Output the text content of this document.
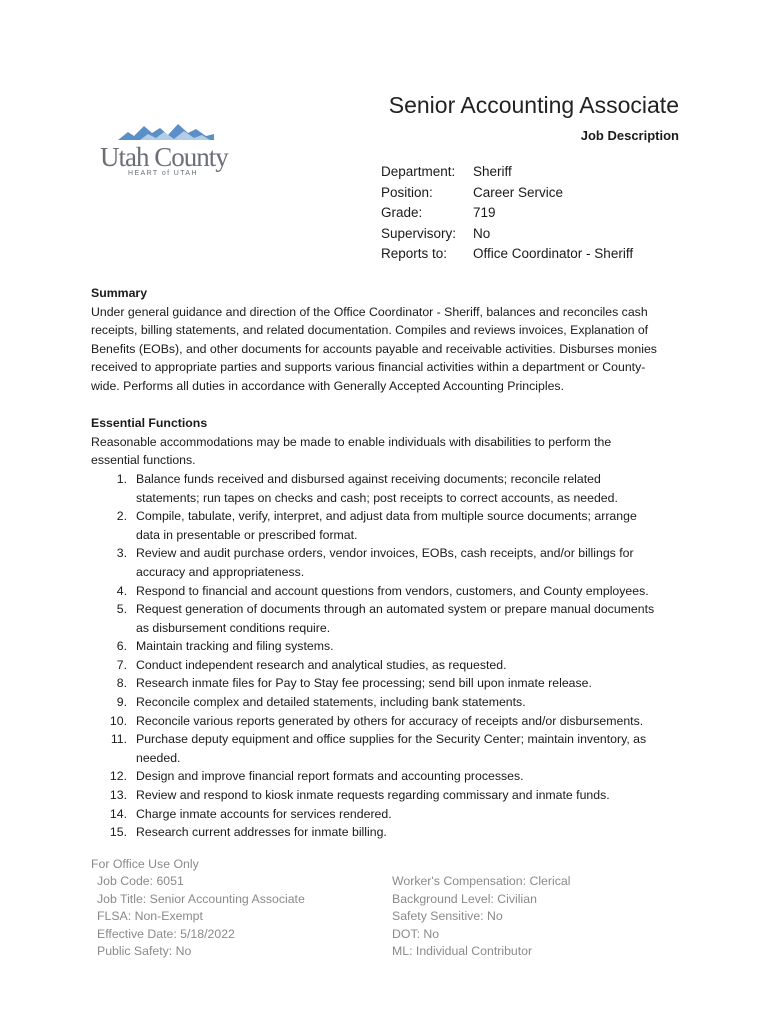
Utah County
HEART of UTAH
Senior Accounting Associate
Job Description
Department: Sheriff
Position:	Career Service
Grade:	719
Supervisory: No
Reports to: Office Coordinator - Sheriff
Summary
Under general guidance and direction of the Office Coordinator - Sheriff, balances and reconciles cash
receipts, billing statements, and related documentation. Compiles and reviews invoices, Explanation of
Benefits (EOBs), and other documents for accounts payable and receivable activities. Disburses monies
received to appropriate parties and supports various financial activities within a department or County-
wide. Performs all duties in accordance with Generally Accepted Accounting Principles.
Essential Functions
Reasonable accommodations may be made to enable individuals with disabilities to perform the
essential functions.
1. Balance funds received and disbursed against receiving documents; reconcile related
statements; run tapes on checks and cash; post receipts to correct accounts, as needed.
2. Compile, tabulate, verify, interpret, and adjust data from multiple source documents; arrange
data in presentable or prescribed format.
3. Review and audit purchase orders, vendor invoices, EOBs, cash receipts, and/or billings for
accuracy and appropriateness.
4. Respond to financial and account questions from vendors, customers, and County employees.
5. Request generation of documents through an automated system or prepare manual documents
as disbursement conditions require.
6. Maintain tracking and filing systems.
7. Conduct independent research and analytical studies, as requested.
8. Research inmate files for Pay to Stay fee processing; send bill upon inmate release.
9. Reconcile complex and detailed statements, including bank statements.
10. Reconcile various reports generated by others for accuracy of receipts and/or disbursements.
11. Purchase deputy equipment and office supplies for the Security Center; maintain inventory, as
needed.
12. Design and improve financial report formats and accounting processes.
13. Review and respond to kiosk inmate requests regarding commissary and inmate funds.
14. Charge inmate accounts for services rendered.
15. Research current addresses for inmate billing.
For Office Use Only
Job Code: 6051
Job Title: Senior Accounting Associate
FLSA: Non-Exempt
Effective Date: 5/18/2022
Public Safety: No
Worker's Compensation: Clerical
Background Level: Civilian
Safety Sensitive: No
DOT: No
ML: Individual Contributor
